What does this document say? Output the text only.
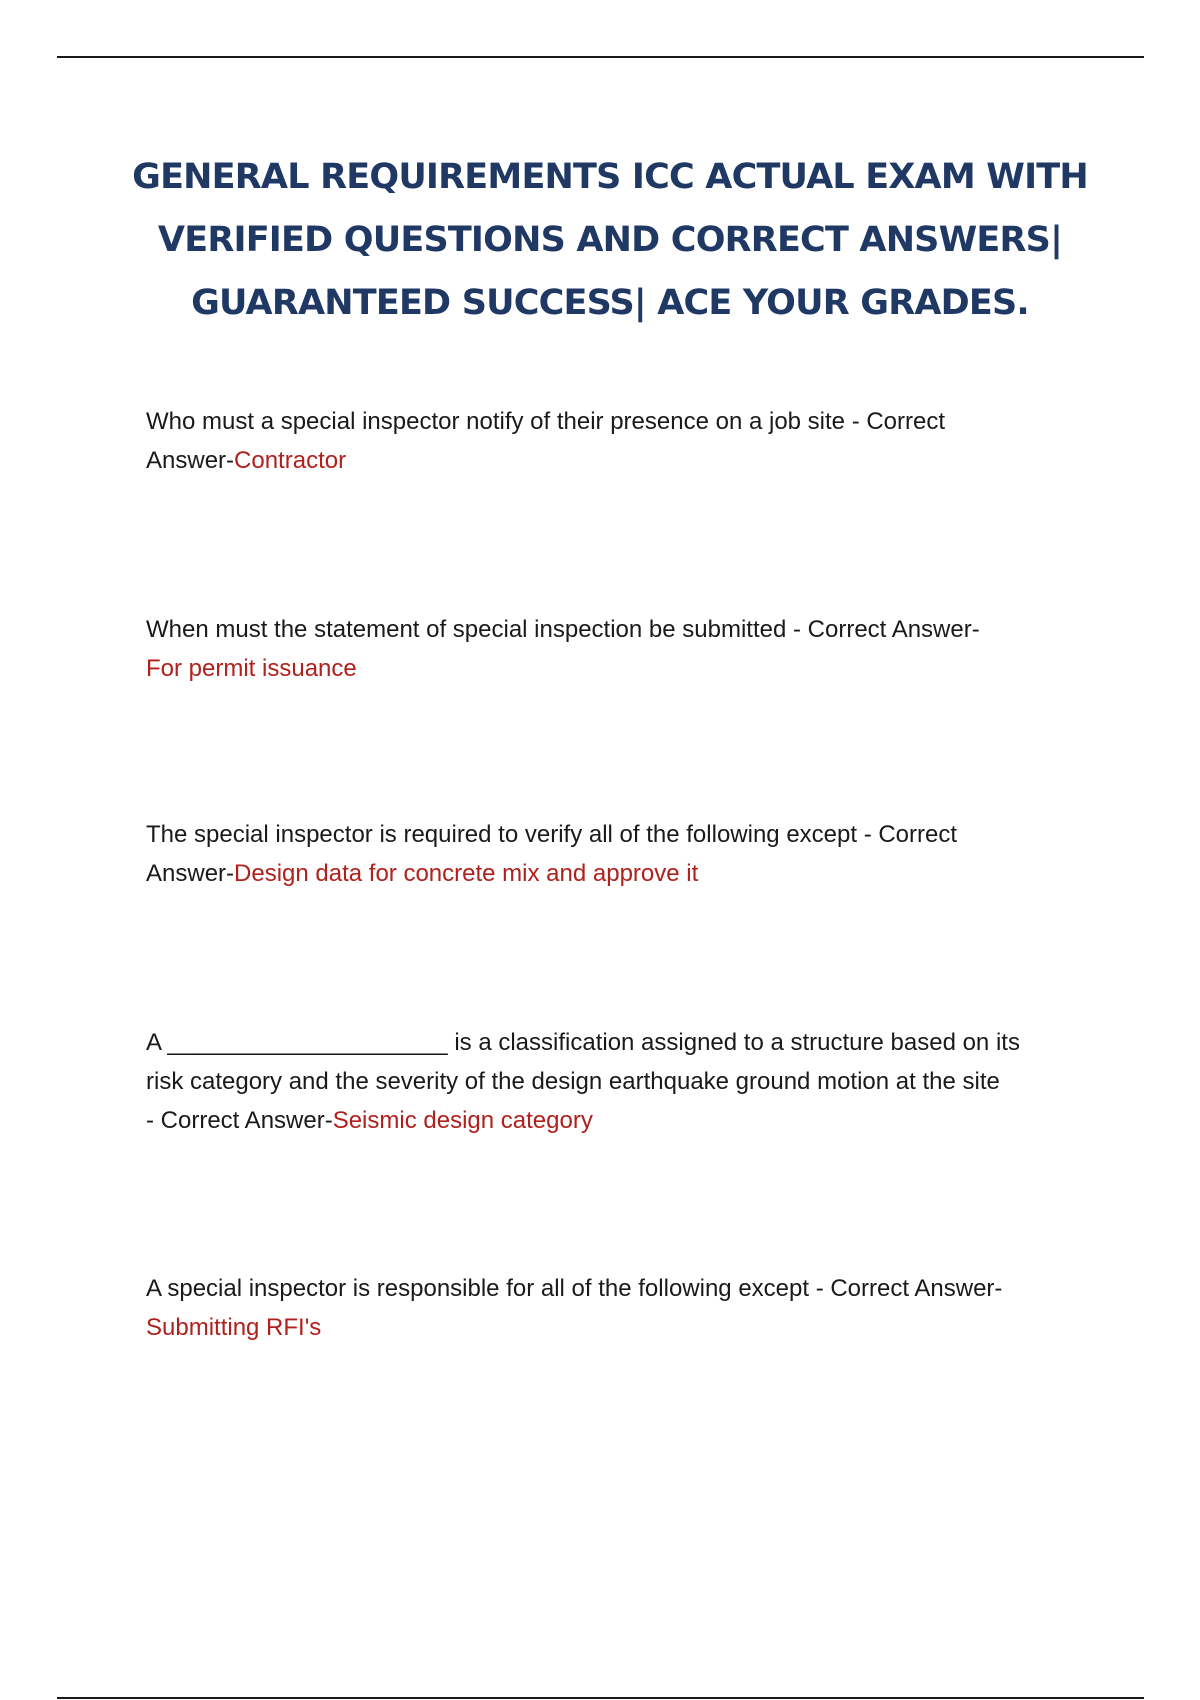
GENERAL REQUIREMENTS ICC ACTUAL EXAM WITH
VERIFIED QUESTIONS AND CORRECT ANSWERS|
GUARANTEED SUCCESS| ACE YOUR GRADES.
Who must a special inspector notify of their presence on a job site - Correct
Answer-Contractor
When must the statement of special inspection be submitted - Correct Answer-
For permit issuance
The special inspector is required to verify all of the following except - Correct
Answer-Design data for concrete mix and approve it
A _____________________ is a classification assigned to a structure based on its
risk category and the severity of the design earthquake ground motion at the site
- Correct Answer-Seismic design category
A special inspector is responsible for all of the following except - Correct Answer-
Submitting RFI's
